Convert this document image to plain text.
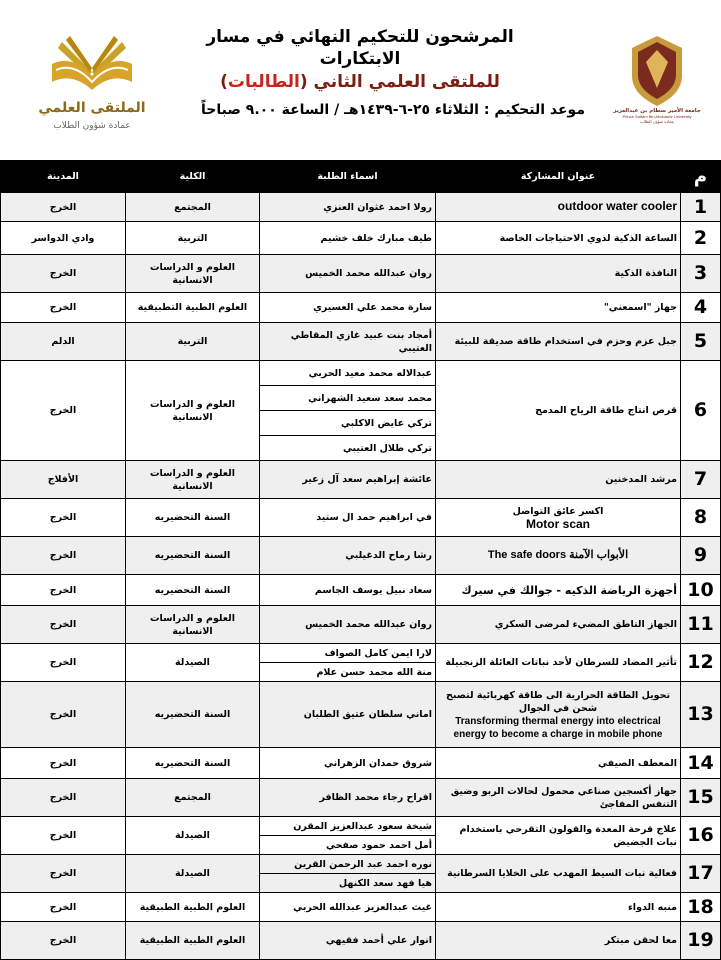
الملتقى العلمي
عمادة شؤون الطلاب
المرشحون للتحكيم النهائي في مسار الابتكارات
للملتقى العلمي الثاني (الطالبات)
موعد التحكيم : الثلاثاء ٢٥-٦-١٤٣٩هـ / الساعة ٩.٠٠ صباحاً	جامعة الأمير سطام بن عبدالعزيز
Prince Sattam Bin Abdulaziz University
عمادة شؤون الطلاب
م	عنوان المشاركة	اسماء الطلبة	الكلية	المدينة
1	outdoor water cooler	رولا احمد غثوان العنزي	المجتمع	الخرج
2	الساعة الذكية لذوي الاحتياجات الخاصة	طيف مبارك خلف خشيم	التربية	وادي الدواسر
3	النافذة الذكية	روان عبدالله محمد الخميس	العلوم و الدراسات الانسانية	الخرج
4	جهاز "اسمعني"	سارة محمد علي العسيري	العلوم الطبية التطبيقية	الخرج
5	جبل عزم وحزم في استخدام طاقة صديقة للبيئة	أمجاد بنت عبيد غازي المقاطي العتيبي	التربية	الدلم
6	قرص انتاج طاقة الرياح المدمج	عبدالاله محمد معيد الحربي	العلوم و الدراسات الانسانية	الخرج
		محمد سعد سعيد الشهراني		
		تركي عايض الاكلبي		
		تركي طلال العتيبي		
7	مرشد المدخنين	عائشة إبراهيم سعد آل زعير	العلوم و الدراسات الانسانية	الأفلاج
8	اكسر عائق التواصل
Motor scan	في ابراهيم حمد ال ستيد	السنة التحضيريه	الخرج
9	الأبواب الآمنة The safe doors	رشا رماح الدغيلبي	السنة التحضيريه	الخرج
10	أجهزة الرياضة الذكيه - جوالك في سيرك	سعاد نبيل يوسف الجاسم	السنة التحضيريه	الخرج
11	الجهاز التاطق المضيء لمرضى السكري	روان عبدالله محمد الخميس	العلوم و الدراسات الانسانية	الخرج
12	تأثير المضاد للسرطان لأحد نباتات العائلة الزنجبيلة	لارا ايمن كامل الصواف	الصيدلة	الخرج
		منة الله محمد حسن علام		
13	تحويل الطاقة الحرارية الى طاقة كهربائية لتصبح شحن في الجوال
Transforming thermal energy into electrical energy to become a charge in mobile phone	اماني سلطان عتيق الطلبان	السنة التحضيريه	الخرج
14	المعطف الصيفي	شروق حمدان الزهراني	السنة التحضيريه	الخرج
15	جهاز أكسجين صناعي محمول لحالات الربو وضيق التنفس المفاجئ	افراح رجاء محمد الظافر	المجتمع	الخرج
16	علاج قرحة المعدة والقولون التقرحي باستخدام نبات الجضيض	شيخة سعود عبدالعزيز المقرن	الصيدلة	الخرج
		أمل احمد حمود صفحي		
17	فعالية نبات السيط المهدب على الخلايا السرطانية	نوره احمد عبد الرحمن القرين	الصيدلة	الخرج
		هيا فهد سعد الكنهل		
18	منبه الدواء	غيث عبدالعزيز عبدالله الحربي	العلوم الطبية الطبيقية	الخرج
19	معا لحقن مبتكر	انوار علي أحمد فقيهي	العلوم الطبية الطبيقية	الخرج
